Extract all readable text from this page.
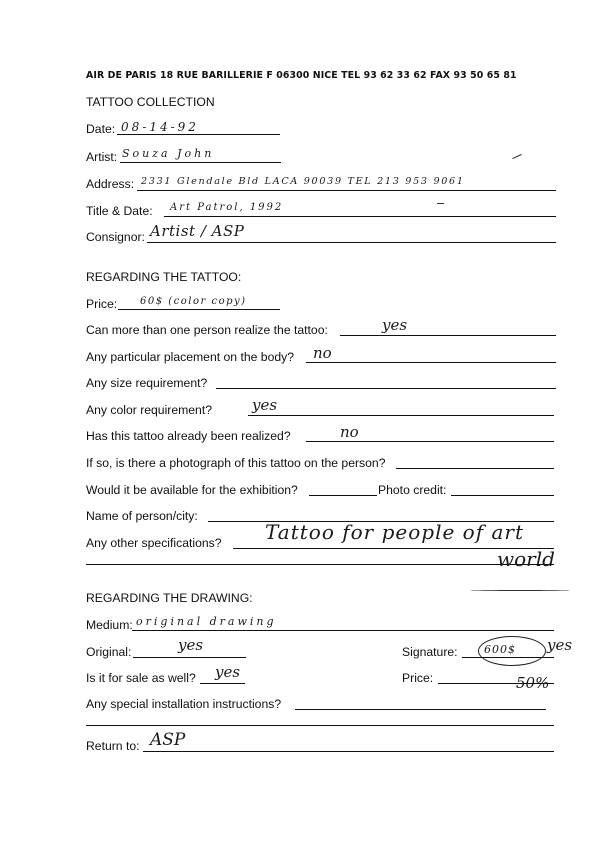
AIR DE PARIS 18 RUE BARILLERIE F 06300 NICE TEL 93 62 33 62 FAX 93 50 65 81
TATTOO COLLECTION
Date: 08-14-92
Artist: Souza John
Address: 2331 Glendale Bld LACA 90039 TEL 213 953 9061
Title & Date: Art Patrol, 1992
Consignor: Artist / ASP
REGARDING THE TATTOO:
Price: 60$ (color copy)
Can more than one person realize the tattoo:	yes
Any particular placement on the body? no
Any size requirement?
Any color requirement?	yes
Has this tattoo already been realized?	no
If so, is there a photograph of this tattoo on the person?
Would it be available for the exhibition?	Photo credit:
Name of person/city:
Any other specifications? Tattoo for people of art
world
REGARDING THE DRAWING:
Medium: original drawing
Original:	yes	Signature: 600$ yes
Is it for sale as well? yes	Price:	50%
Any special installation instructions?
Return to: ASP
